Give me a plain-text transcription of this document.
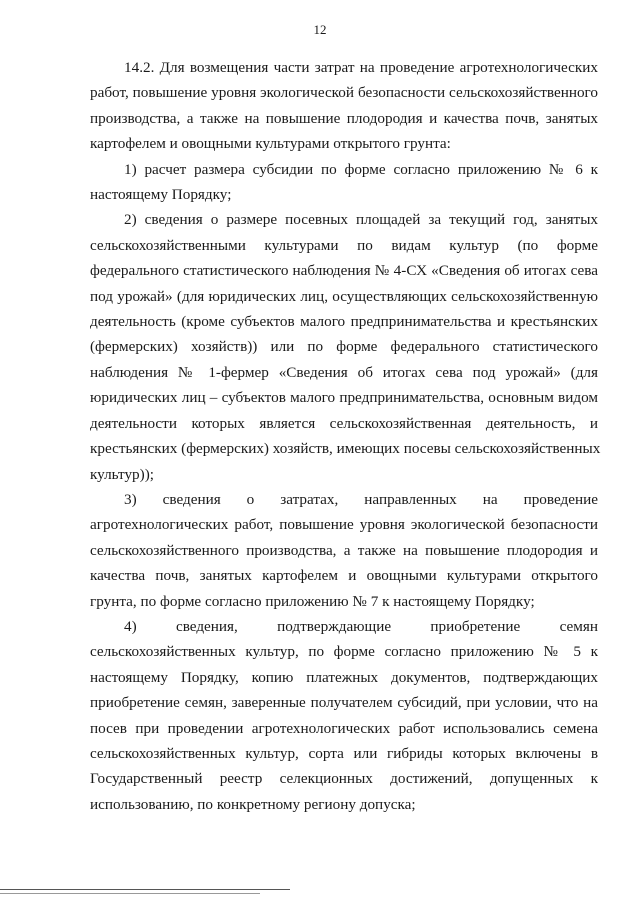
12

14.2. Для возмещения части затрат на проведение агротехнологических
работ, повышение уровня экологической безопасности сельскохозяйственного
производства, а также на повышение плодородия и качества почв, занятых
картофелем и овощными культурами открытого грунта:

1) расчет размера субсидии по форме согласно приложению № 6 к
настоящему Порядку;

2) сведения о размере посевных площадей за текущий год, занятых
сельскохозяйственными культурами по видам культур (по форме
федерального статистического наблюдения № 4-СХ «Сведения об итогах сева
под урожай» (для юридических лиц, осуществляющих сельскохозяйственную
деятельность (кроме субъектов малого предпринимательства и крестьянских
(фермерских) хозяйств)) или по форме федерального статистического
наблюдения № 1-фермер «Сведения об итогах сева под урожай» (для
юридических лиц – субъектов малого предпринимательства, основным видом
деятельности которых является сельскохозяйственная деятельность, и
крестьянских (фермерских) хозяйств, имеющих посевы сельскохозяйственных
культур));

3) сведения о затратах, направленных на проведение
агротехнологических работ, повышение уровня экологической безопасности
сельскохозяйственного производства, а также на повышение плодородия и
качества почв, занятых картофелем и овощными культурами открытого
грунта, по форме согласно приложению № 7 к настоящему Порядку;

4) сведения, подтверждающие приобретение семян
сельскохозяйственных культур, по форме согласно приложению № 5 к
настоящему Порядку, копию платежных документов, подтверждающих
приобретение семян, заверенные получателем субсидий, при условии, что на
посев при проведении агротехнологических работ использовались семена
сельскохозяйственных культур, сорта или гибриды которых включены в
Государственный реестр селекционных достижений, допущенных к
использованию, по конкретному региону допуска;
